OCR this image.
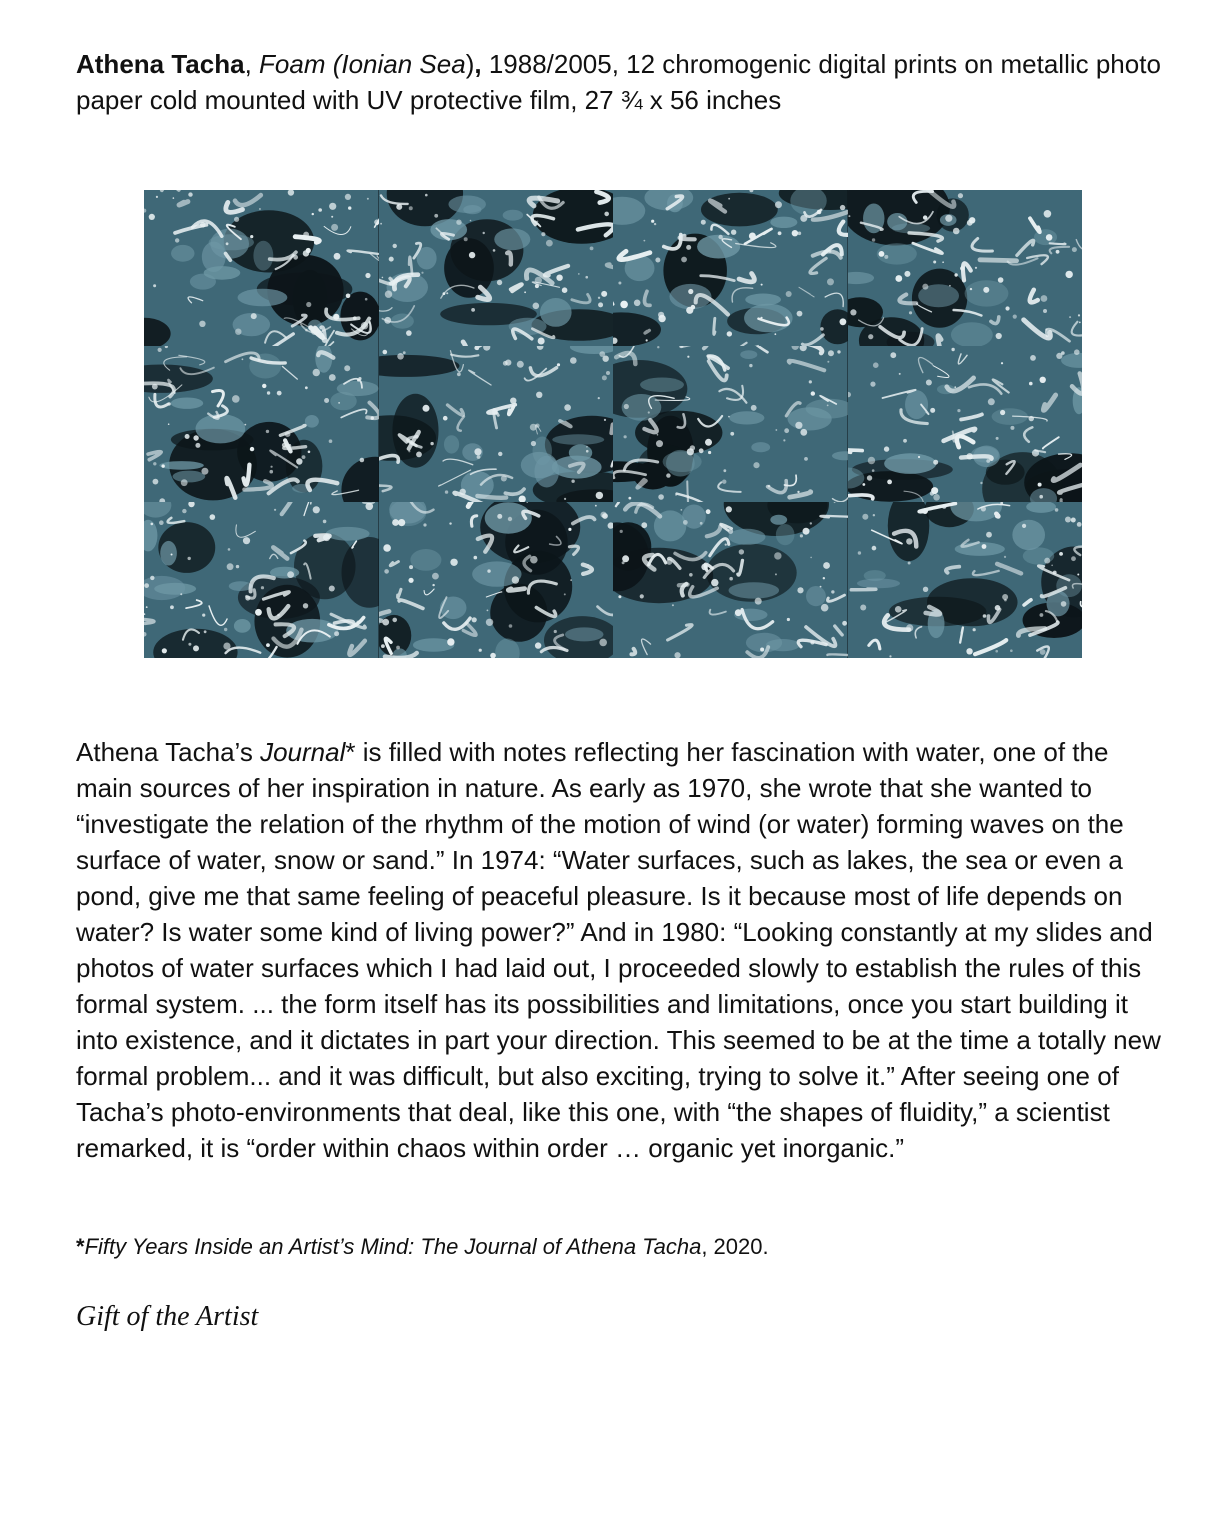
Athena Tacha, Foam (Ionian Sea), 1988/2005, 12 chromogenic digital prints on metallic photo paper cold mounted with UV protective film, 27 ¾ x 56 inches

Athena Tacha’s Journal* is filled with notes reflecting her fascination with water, one of the main sources of her inspiration in nature. As early as 1970, she wrote that she wanted to “investigate the relation of the rhythm of the motion of wind (or water) forming waves on the surface of water, snow or sand.” In 1974: “Water surfaces, such as lakes, the sea or even a pond, give me that same feeling of peaceful pleasure. Is it because most of life depends on water? Is water some kind of living power?” And in 1980: “Looking constantly at my slides and photos of water surfaces which I had laid out, I proceeded slowly to establish the rules of this formal system. ... the form itself has its possibilities and limitations, once you start building it into existence, and it dictates in part your direction. This seemed to be at the time a totally new formal problem... and it was difficult, but also exciting, trying to solve it.” After seeing one of Tacha’s photo-environments that deal, like this one, with “the shapes of fluidity,” a scientist remarked, it is “order within chaos within order … organic yet inorganic.”

*Fifty Years Inside an Artist’s Mind: The Journal of Athena Tacha, 2020.

Gift of the Artist
